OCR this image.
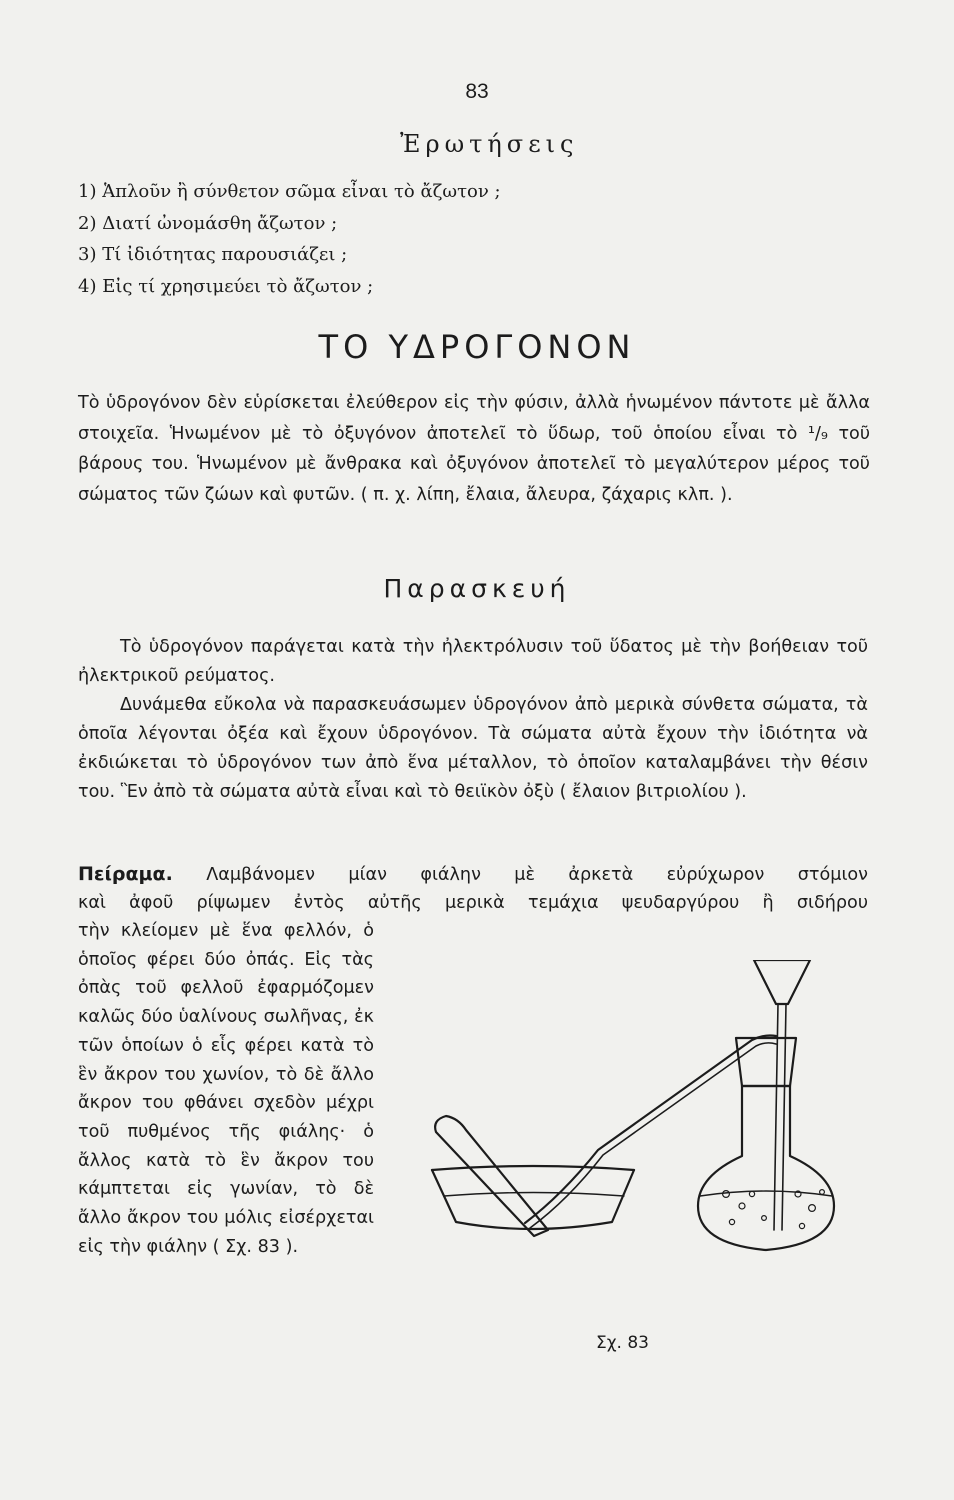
83
Ἐρωτήσεις
1) Ἁπλοῦν ἢ σύνθετον σῶμα εἶναι τὸ ἄζωτον ;
2) Διατί ὠνομάσθη ἄζωτον ;
3) Τί ἰδιότητας παρουσιάζει ;
4) Εἰς τί χρησιμεύει τὸ ἄζωτον ;
ΤΟ ΥΔΡΟΓΟΝΟΝ
Τὸ ὑδρογόνον δὲν εὑρίσκεται ἐλεύθερον εἰς τὴν φύσιν, ἀλλὰ ἡνωμένον πάντοτε μὲ ἄλλα στοιχεῖα. Ἡνωμένον μὲ τὸ ὀξυγόνον ἀποτελεῖ τὸ ὕδωρ, τοῦ ὁποίου εἶναι τὸ ¹/₉ τοῦ βάρους του. Ἡνωμένον μὲ ἄνθρακα καὶ ὀξυγόνον ἀποτελεῖ τὸ μεγαλύτερον μέρος τοῦ σώματος τῶν ζώων καὶ φυτῶν. ( π. χ. λίπη, ἔλαια, ἄλευρα, ζάχαρις κλπ. ).
Παρασκευή

Τὸ ὑδρογόνον παράγεται κατὰ τὴν ἠλεκτρόλυσιν τοῦ ὕδατος μὲ τὴν βοήθειαν τοῦ ἠλεκτρικοῦ ρεύματος.

Δυνάμεθα εὔκολα νὰ παρασκευάσωμεν ὑδρογόνον ἀπὸ μερικὰ σύνθετα σώματα, τὰ ὁποῖα λέγονται ὀξέα καὶ ἔχουν ὑδρογόνον. Τὰ σώματα αὐτὰ ἔχουν τὴν ἰδιότητα νὰ ἐκδιώκεται τὸ ὑδρογόνον των ἀπὸ ἕνα μέταλλον, τὸ ὁποῖον καταλαμβάνει τὴν θέσιν του. Ἓν ἀπὸ τὰ σώματα αὐτὰ εἶναι καὶ τὸ θειϊκὸν ὀξὺ ( ἔλαιον βιτριολίου ).

Πείραμα. Λαμβάνομεν μίαν φιάλην μὲ ἀρκετὰ εὐρύχωρον στόμιον
καὶ ἀφοῦ ρίψωμεν ἐντὸς αὐτῆς μερικὰ τεμάχια ψευδαργύρου ἢ σιδήρου
τὴν κλείομεν μὲ ἕνα φελλόν, ὁ ὁποῖος φέρει δύο ὀπάς. Εἰς τὰς ὀπὰς τοῦ φελλοῦ ἐφαρμόζομεν καλῶς δύο ὑαλίνους σωλῆνας, ἐκ τῶν ὁποίων ὁ εἷς φέρει κατὰ τὸ ἓν ἄκρον του χωνίον, τὸ δὲ ἄλλο ἄκρον του φθάνει σχεδὸν μέχρι τοῦ πυθμένος τῆς φιάλης· ὁ ἄλλος κατὰ τὸ ἓν ἄκρον του κάμπτεται εἰς γωνίαν, τὸ δὲ ἄλλο ἄκρον του μόλις εἰσέρχεται εἰς τὴν φιάλην ( Σχ. 83 ).
Σχ. 83
